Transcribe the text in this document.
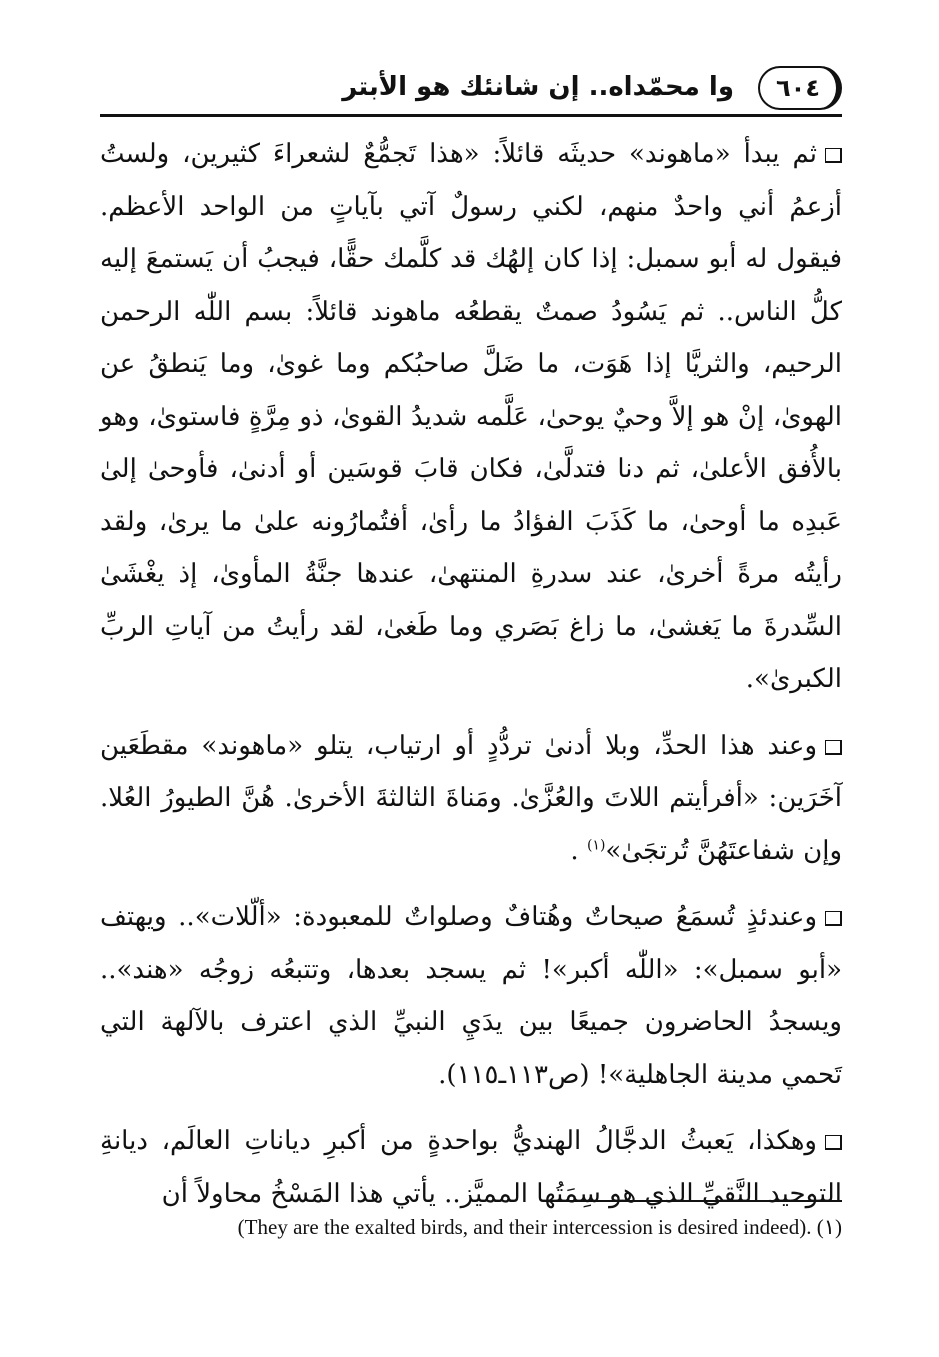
٦٠٤
وا محمّداه.. إن شانئك هو الأبتر

ثم يبدأ «ماهوند» حديثَه قائلاً: «هذا تَجمُّعٌ لشعراءَ كثيرين، ولستُ أزعمُ أني واحدٌ منهم، لكني رسولٌ آتي بآياتٍ من الواحد الأعظم. فيقول له أبو سمبل: إذا كان إلهُك قد كلَّمك حقًّا، فيجبُ أن يَستمعَ إليه كلُّ الناس.. ثم يَسُودُ صمتٌ يقطعُه ماهوند قائلاً: بسم اللّٰه الرحمن الرحيم، والثريَّا إذا هَوَت، ما ضَلَّ صاحبُكم وما غوىٰ، وما يَنطقُ عن الهوىٰ، إنْ هو إلاَّ وحيٌ يوحىٰ، عَلَّمه شديدُ القوىٰ، ذو مِرَّةٍ فاستوىٰ، وهو بالأُفق الأعلىٰ، ثم دنا فتدلَّىٰ، فكان قابَ قوسَين أو أدنىٰ، فأوحىٰ إلىٰ عَبدِه ما أوحىٰ، ما كَذَبَ الفؤادُ ما رأىٰ، أفتُمارُونه علىٰ ما يرىٰ، ولقد رأيتُه مرةً أخرىٰ، عند سدرةِ المنتهىٰ، عندها جنَّةُ المأوىٰ، إذ يغْشَىٰ السِّدرةَ ما يَغشىٰ، ما زاغ بَصَري وما طَغىٰ، لقد رأيتُ من آياتِ الربِّ الكبرىٰ».

وعند هذا الحدِّ، وبلا أدنىٰ تردُّدٍ أو ارتياب، يتلو «ماهوند» مقطَعَين آخَرَين: «أفرأيتم اللاتَ والعُزَّىٰ. ومَناةَ الثالثةَ الأخرىٰ. هُنَّ الطيورُ العُلا. وإن شفاعتَهُنَّ تُرتجَىٰ»$^{(١)}$ .

وعندئذٍ تُسمَعُ صيحاتٌ وهُتافٌ وصلواتٌ للمعبودة: «ألّلات».. ويهتف «أبو سمبل»: «اللّٰه أكبر»! ثم يسجد بعدها، وتتبعُه زوجُه «هند».. ويسجدُ الحاضرون جميعًا بين يدَيِ النبيِّ الذي اعترف بالآلهة التي تَحمي مدينة الجاهلية»! (ص١١٣ـ١١٥).

وهكذا، يَعبثُ الدجَّالُ الهنديُّ بواحدةٍ من أكبرِ دياناتِ العالَم، ديانةِ التوحيد النَّقيِّ الذي هو سِمَتُها المميَّز.. يأتي هذا المَسْخُ محاولاً أن

(١) (They are the exalted birds, and their intercession is desired indeed).
